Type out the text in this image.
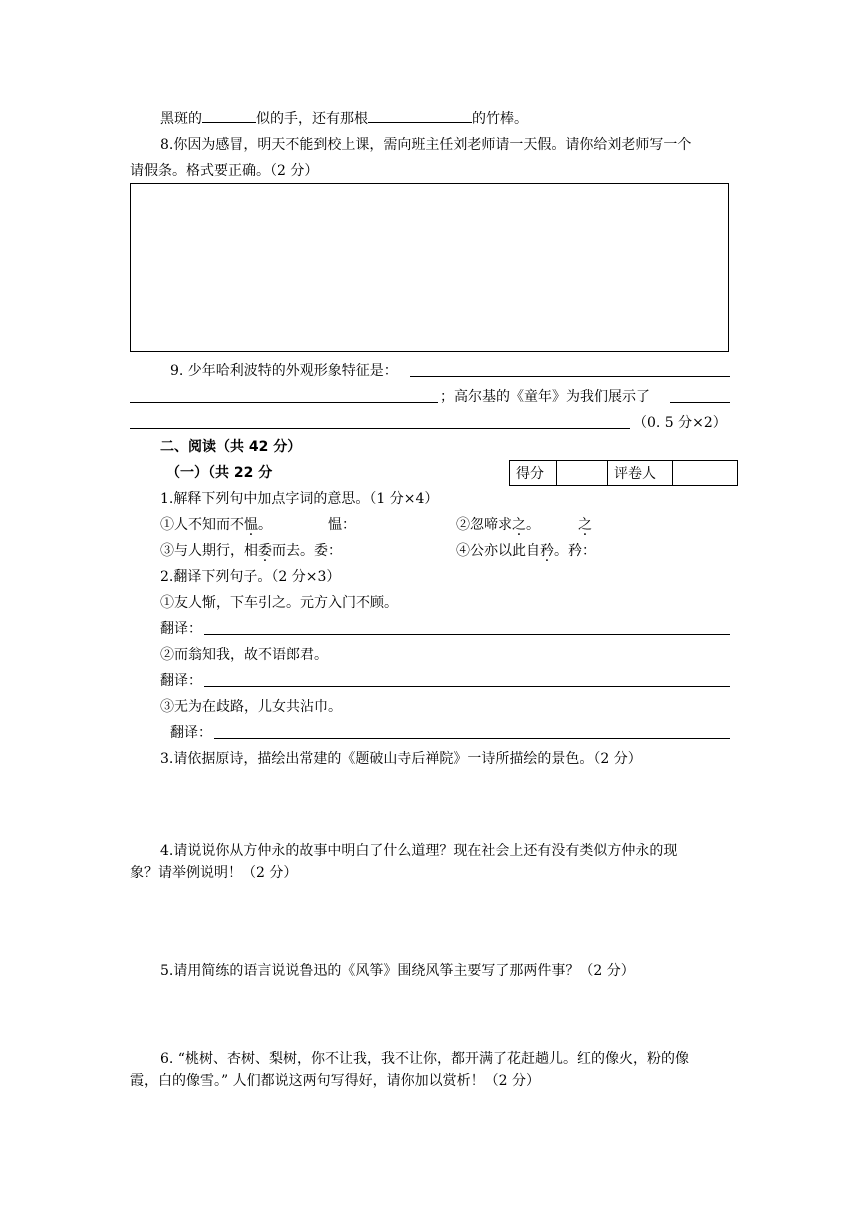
黑斑的	似的手，还有那根	的竹棒。
8.你因为感冒，明天不能到校上课，需向班主任刘老师请一天假。请你给刘老师写一个
请假条。格式要正确。（2 分）
9. 少年哈利波特的外观形象特征是：
；高尔基的《童年》为我们展示了
（0. 5 分×2）
二、阅读（共 42 分）
（一）（共 22 分	得分		评卷人	
1.解释下列句中加点字词的意思。（1 分×4）
①人不知而不愠。	愠：	②忽啼求之。	之
③与人期行，相委而去。委：	④公亦以此自矜。矜：
2.翻译下列句子。（2 分×3）
①友人惭，下车引之。元方入门不顾。
翻译：
②而翁知我，故不语郎君。
翻译：
③无为在歧路，儿女共沾巾。
翻译：
3.请依据原诗，描绘出常建的《题破山寺后禅院》一诗所描绘的景色。（2 分）
4.请说说你从方仲永的故事中明白了什么道理？现在社会上还有没有类似方仲永的现
象？请举例说明！（2 分）
5.请用简练的语言说说鲁迅的《风筝》围绕风筝主要写了那两件事？（2 分）
6. “桃树、杏树、梨树，你不让我，我不让你，都开满了花赶趟儿。红的像火，粉的像
霞，白的像雪。” 人们都说这两句写得好，请你加以赏析！（2 分）
